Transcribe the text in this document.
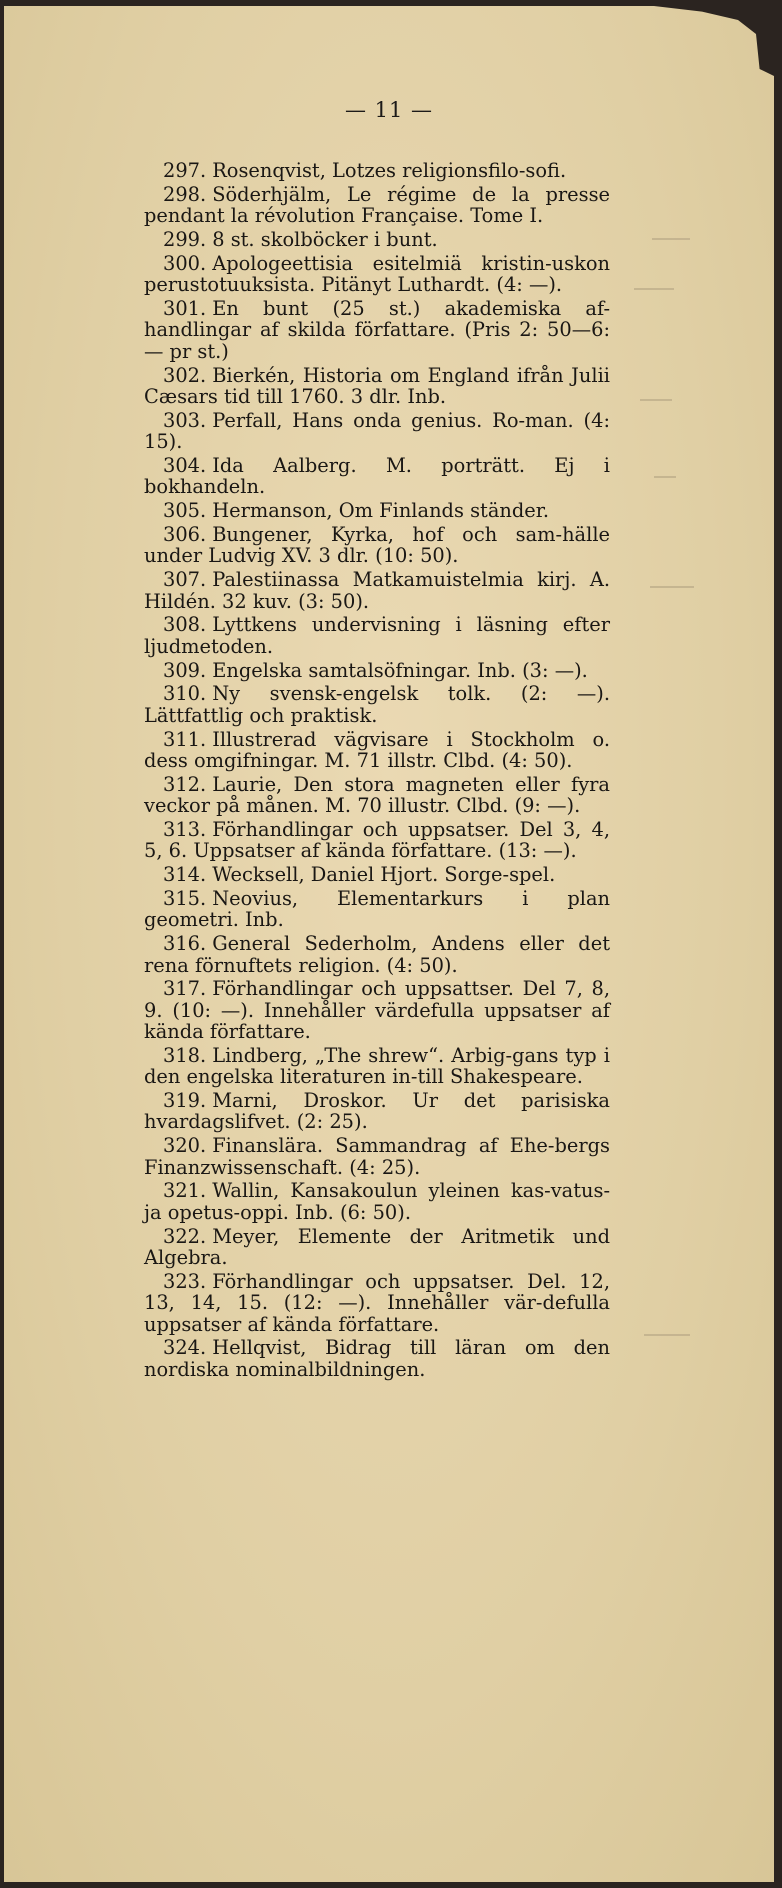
— 11 —

297. Rosenqvist, Lotzes religionsfilo-sofi.

298. Söderhjälm, Le régime de la presse pendant la révolution Française. Tome I.

299. 8 st. skolböcker i bunt.

300. Apologeettisia esitelmiä kristin-uskon perustotuuksista. Pitänyt Luthardt. (4: —).

301. En bunt (25 st.) akademiska af-handlingar af skilda författare. (Pris 2: 50—6: — pr st.)

302. Bierkén, Historia om England ifrån Julii Cæsars tid till 1760. 3 dlr. Inb.

303. Perfall, Hans onda genius. Ro-man. (4: 15).

304. Ida Aalberg. M. porträtt. Ej i bokhandeln.

305. Hermanson, Om Finlands ständer.

306. Bungener, Kyrka, hof och sam-hälle under Ludvig XV. 3 dlr. (10: 50).

307. Palestiinassa Matkamuistelmia kirj. A. Hildén. 32 kuv. (3: 50).

308. Lyttkens undervisning i läsning efter ljudmetoden.

309. Engelska samtalsöfningar. Inb. (3: —).

310. Ny svensk-engelsk tolk. (2: —). Lättfattlig och praktisk.

311. Illustrerad vägvisare i Stockholm o. dess omgifningar. M. 71 illstr. Clbd. (4: 50).

312. Laurie, Den stora magneten eller fyra veckor på månen. M. 70 illustr. Clbd. (9: —).

313. Förhandlingar och uppsatser. Del 3, 4, 5, 6. Uppsatser af kända författare. (13: —).

314. Wecksell, Daniel Hjort. Sorge-spel.

315. Neovius, Elementarkurs i plan geometri. Inb.

316. General Sederholm, Andens eller det rena förnuftets religion. (4: 50).

317. Förhandlingar och uppsattser. Del 7, 8, 9. (10: —). Innehåller värdefulla uppsatser af kända författare.

318. Lindberg, „The shrew“. Arbig-gans typ i den engelska literaturen in-till Shakespeare.

319. Marni, Droskor. Ur det parisiska hvardagslifvet. (2: 25).

320. Finanslära. Sammandrag af Ehe-bergs Finanzwissenschaft. (4: 25).

321. Wallin, Kansakoulun yleinen kas-vatus- ja opetus-oppi. Inb. (6: 50).

322. Meyer, Elemente der Aritmetik und Algebra.

323. Förhandlingar och uppsatser. Del. 12, 13, 14, 15. (12: —). Innehåller vär-defulla uppsatser af kända författare.

324. Hellqvist, Bidrag till läran om den nordiska nominalbildningen.
